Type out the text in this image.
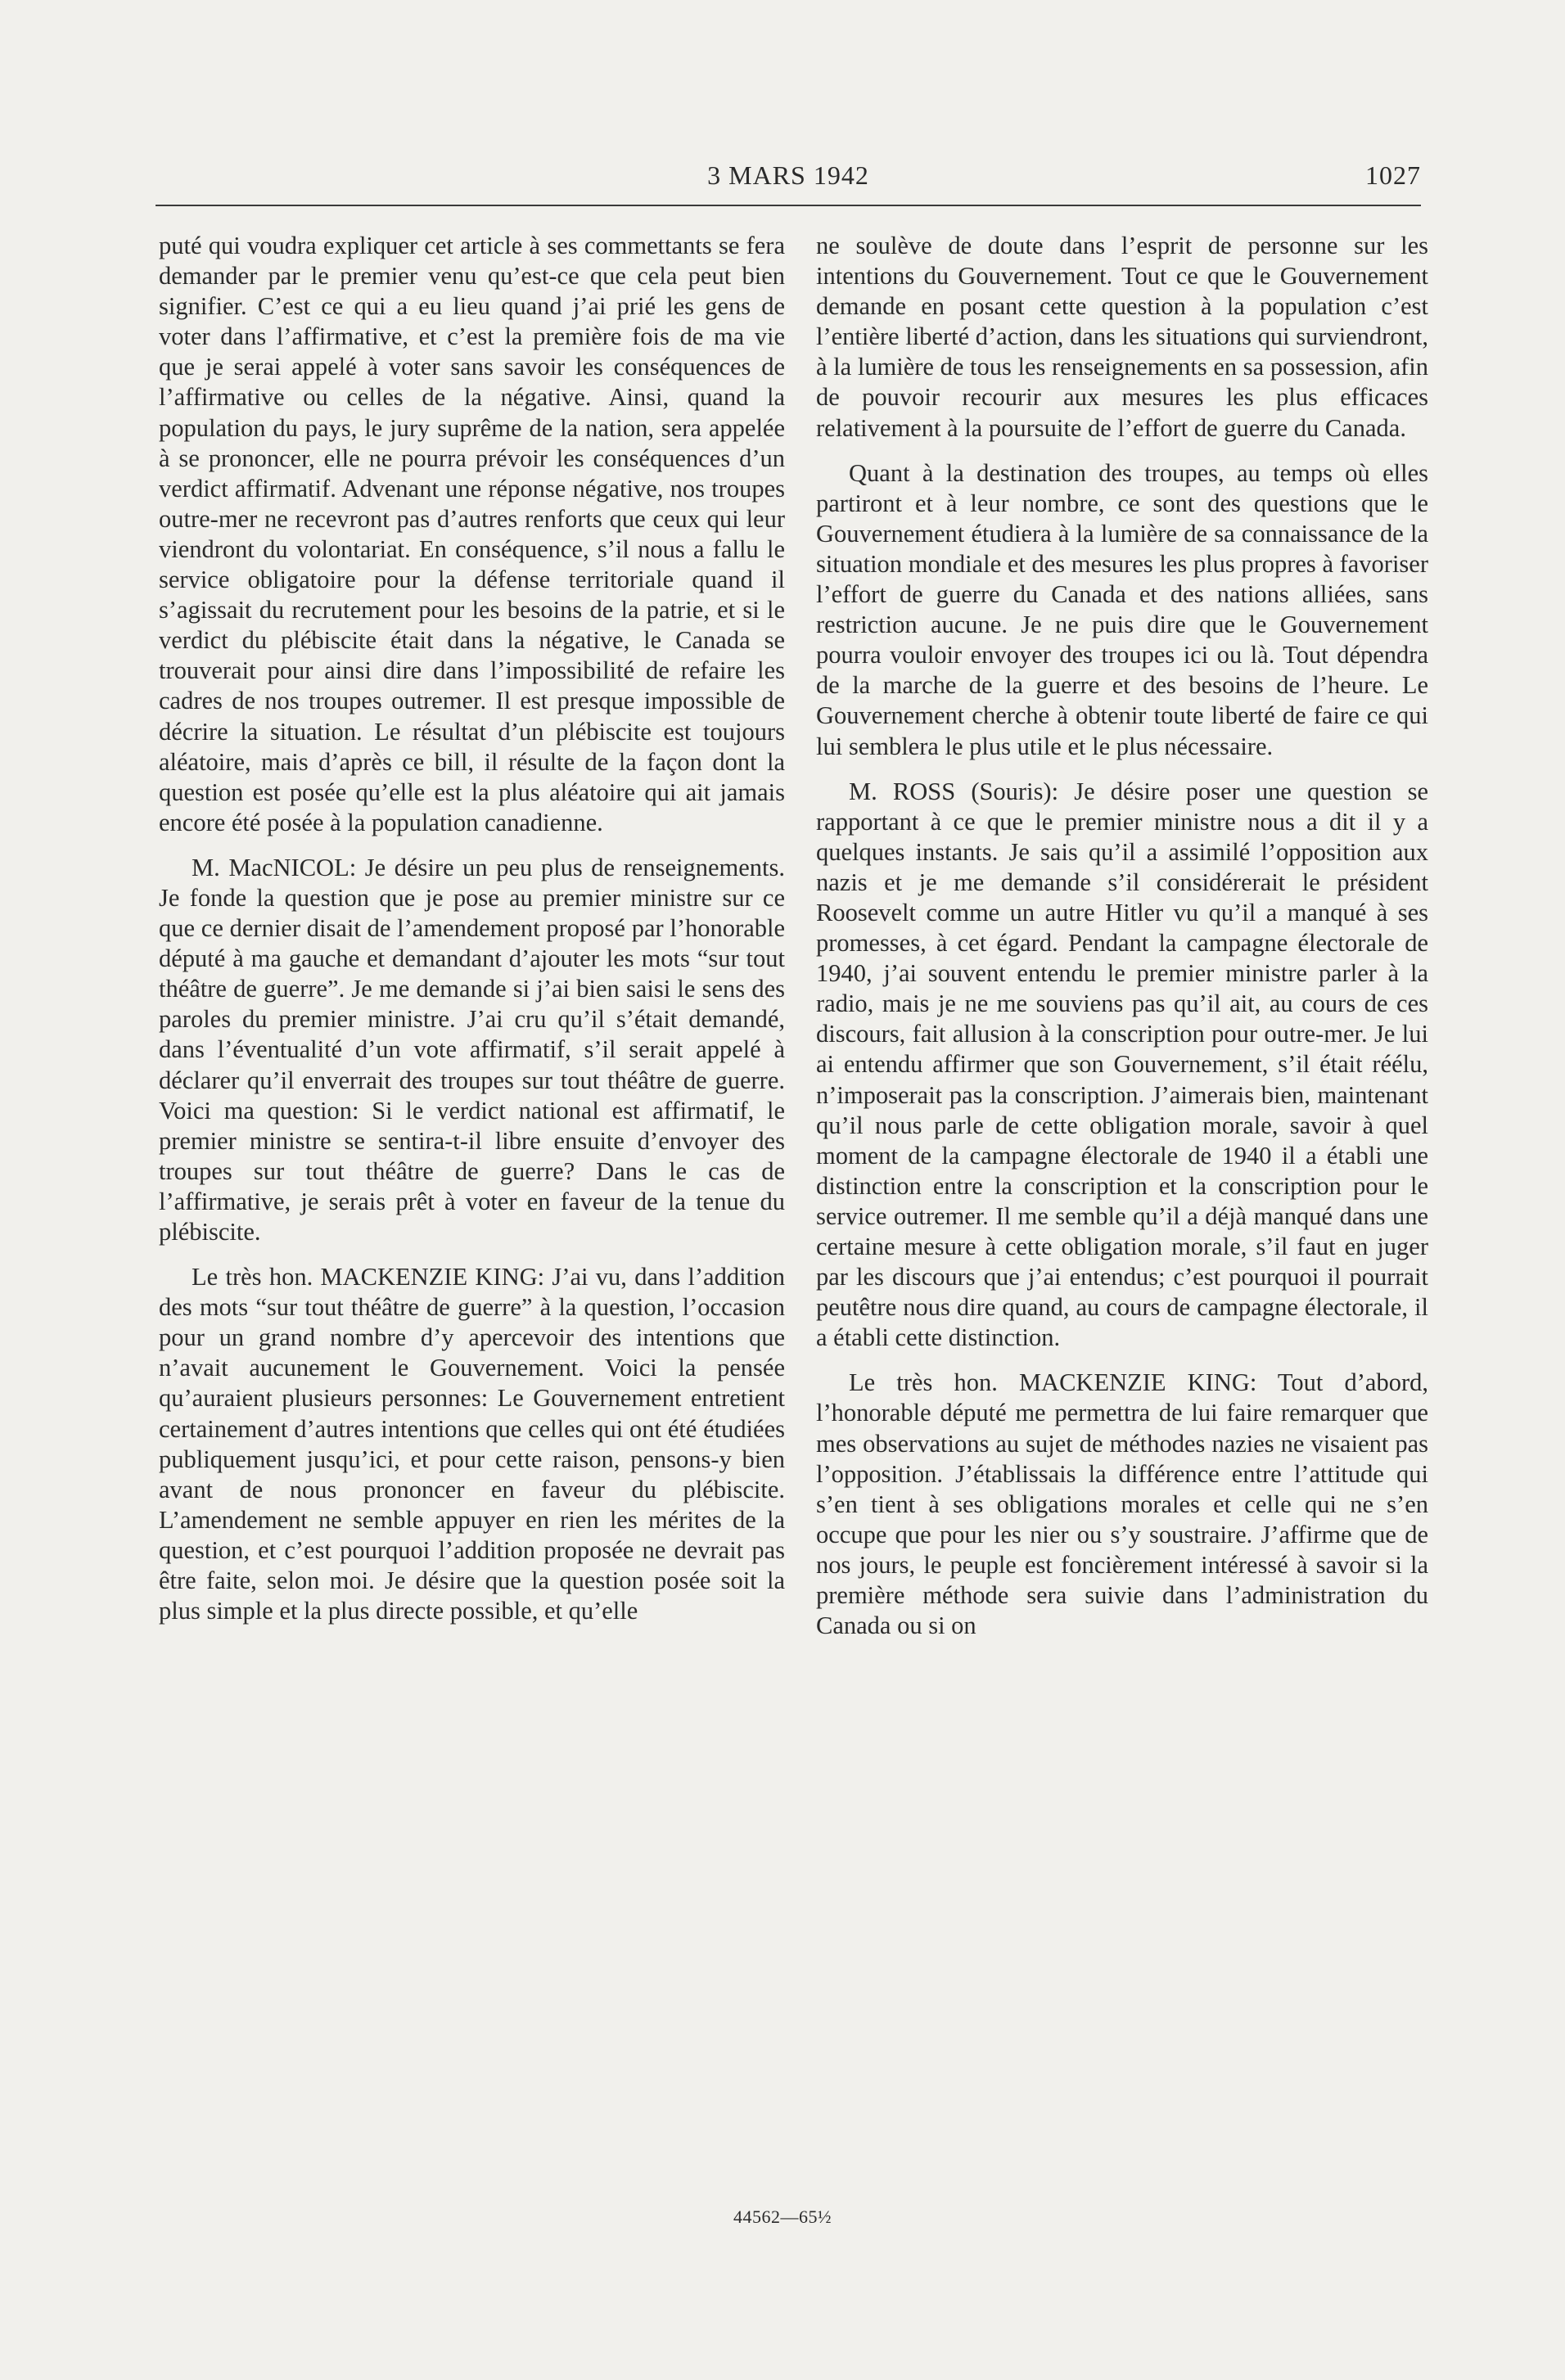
3 MARS 1942	1027

puté qui voudra expliquer cet article à ses commettants se fera demander par le premier venu qu’est-ce que cela peut bien signifier. C’est ce qui a eu lieu quand j’ai prié les gens de voter dans l’affirmative, et c’est la première fois de ma vie que je serai appelé à voter sans savoir les conséquences de l’affirmative ou celles de la négative. Ainsi, quand la population du pays, le jury suprême de la nation, sera appelée à se prononcer, elle ne pourra prévoir les conséquences d’un verdict affirmatif. Advenant une réponse négative, nos troupes outre-mer ne recevront pas d’autres renforts que ceux qui leur viendront du volontariat. En conséquence, s’il nous a fallu le service obligatoire pour la défense territoriale quand il s’agissait du recrutement pour les besoins de la patrie, et si le verdict du plébiscite était dans la négative, le Canada se trouverait pour ainsi dire dans l’impossibilité de refaire les cadres de nos troupes outremer. Il est presque impossible de décrire la situation. Le résultat d’un plébiscite est toujours aléatoire, mais d’après ce bill, il résulte de la façon dont la question est posée qu’elle est la plus aléatoire qui ait jamais encore été posée à la population canadienne.

M. MacNICOL: Je désire un peu plus de renseignements. Je fonde la question que je pose au premier ministre sur ce que ce dernier disait de l’amendement proposé par l’honorable député à ma gauche et demandant d’ajouter les mots “sur tout théâtre de guerre”. Je me demande si j’ai bien saisi le sens des paroles du premier ministre. J’ai cru qu’il s’était demandé, dans l’éventualité d’un vote affirmatif, s’il serait appelé à déclarer qu’il enverrait des troupes sur tout théâtre de guerre. Voici ma question: Si le verdict national est affirmatif, le premier ministre se sentira-t-il libre ensuite d’envoyer des troupes sur tout théâtre de guerre? Dans le cas de l’affirmative, je serais prêt à voter en faveur de la tenue du plébiscite.

Le très hon. MACKENZIE KING: J’ai vu, dans l’addition des mots “sur tout théâtre de guerre” à la question, l’occasion pour un grand nombre d’y apercevoir des intentions que n’avait aucunement le Gouvernement. Voici la pensée qu’auraient plusieurs personnes: Le Gouvernement entretient certainement d’autres intentions que celles qui ont été étudiées publiquement jusqu’ici, et pour cette raison, pensons-y bien avant de nous prononcer en faveur du plébiscite. L’amendement ne semble appuyer en rien les mérites de la question, et c’est pourquoi l’addition proposée ne devrait pas être faite, selon moi. Je désire que la question posée soit la plus simple et la plus directe possible, et qu’elle

ne soulève de doute dans l’esprit de personne sur les intentions du Gouvernement. Tout ce que le Gouvernement demande en posant cette question à la population c’est l’entière liberté d’action, dans les situations qui surviendront, à la lumière de tous les renseignements en sa possession, afin de pouvoir recourir aux mesures les plus efficaces relativement à la poursuite de l’effort de guerre du Canada.

Quant à la destination des troupes, au temps où elles partiront et à leur nombre, ce sont des questions que le Gouvernement étudiera à la lumière de sa connaissance de la situation mondiale et des mesures les plus propres à favoriser l’effort de guerre du Canada et des nations alliées, sans restriction aucune. Je ne puis dire que le Gouvernement pourra vouloir envoyer des troupes ici ou là. Tout dépendra de la marche de la guerre et des besoins de l’heure. Le Gouvernement cherche à obtenir toute liberté de faire ce qui lui semblera le plus utile et le plus nécessaire.

M. ROSS (Souris): Je désire poser une question se rapportant à ce que le premier ministre nous a dit il y a quelques instants. Je sais qu’il a assimilé l’opposition aux nazis et je me demande s’il considérerait le président Roosevelt comme un autre Hitler vu qu’il a manqué à ses promesses, à cet égard. Pendant la campagne électorale de 1940, j’ai souvent entendu le premier ministre parler à la radio, mais je ne me souviens pas qu’il ait, au cours de ces discours, fait allusion à la conscription pour outre-mer. Je lui ai entendu affirmer que son Gouvernement, s’il était réélu, n’imposerait pas la conscription. J’aimerais bien, maintenant qu’il nous parle de cette obligation morale, savoir à quel moment de la campagne électorale de 1940 il a établi une distinction entre la conscription et la conscription pour le service outremer. Il me semble qu’il a déjà manqué dans une certaine mesure à cette obligation morale, s’il faut en juger par les discours que j’ai entendus; c’est pourquoi il pourrait peutêtre nous dire quand, au cours de campagne électorale, il a établi cette distinction.

Le très hon. MACKENZIE KING: Tout d’abord, l’honorable député me permettra de lui faire remarquer que mes observations au sujet de méthodes nazies ne visaient pas l’opposition. J’établissais la différence entre l’attitude qui s’en tient à ses obligations morales et celle qui ne s’en occupe que pour les nier ou s’y soustraire. J’affirme que de nos jours, le peuple est foncièrement intéressé à savoir si la première méthode sera suivie dans l’administration du Canada ou si on

44562—65½
